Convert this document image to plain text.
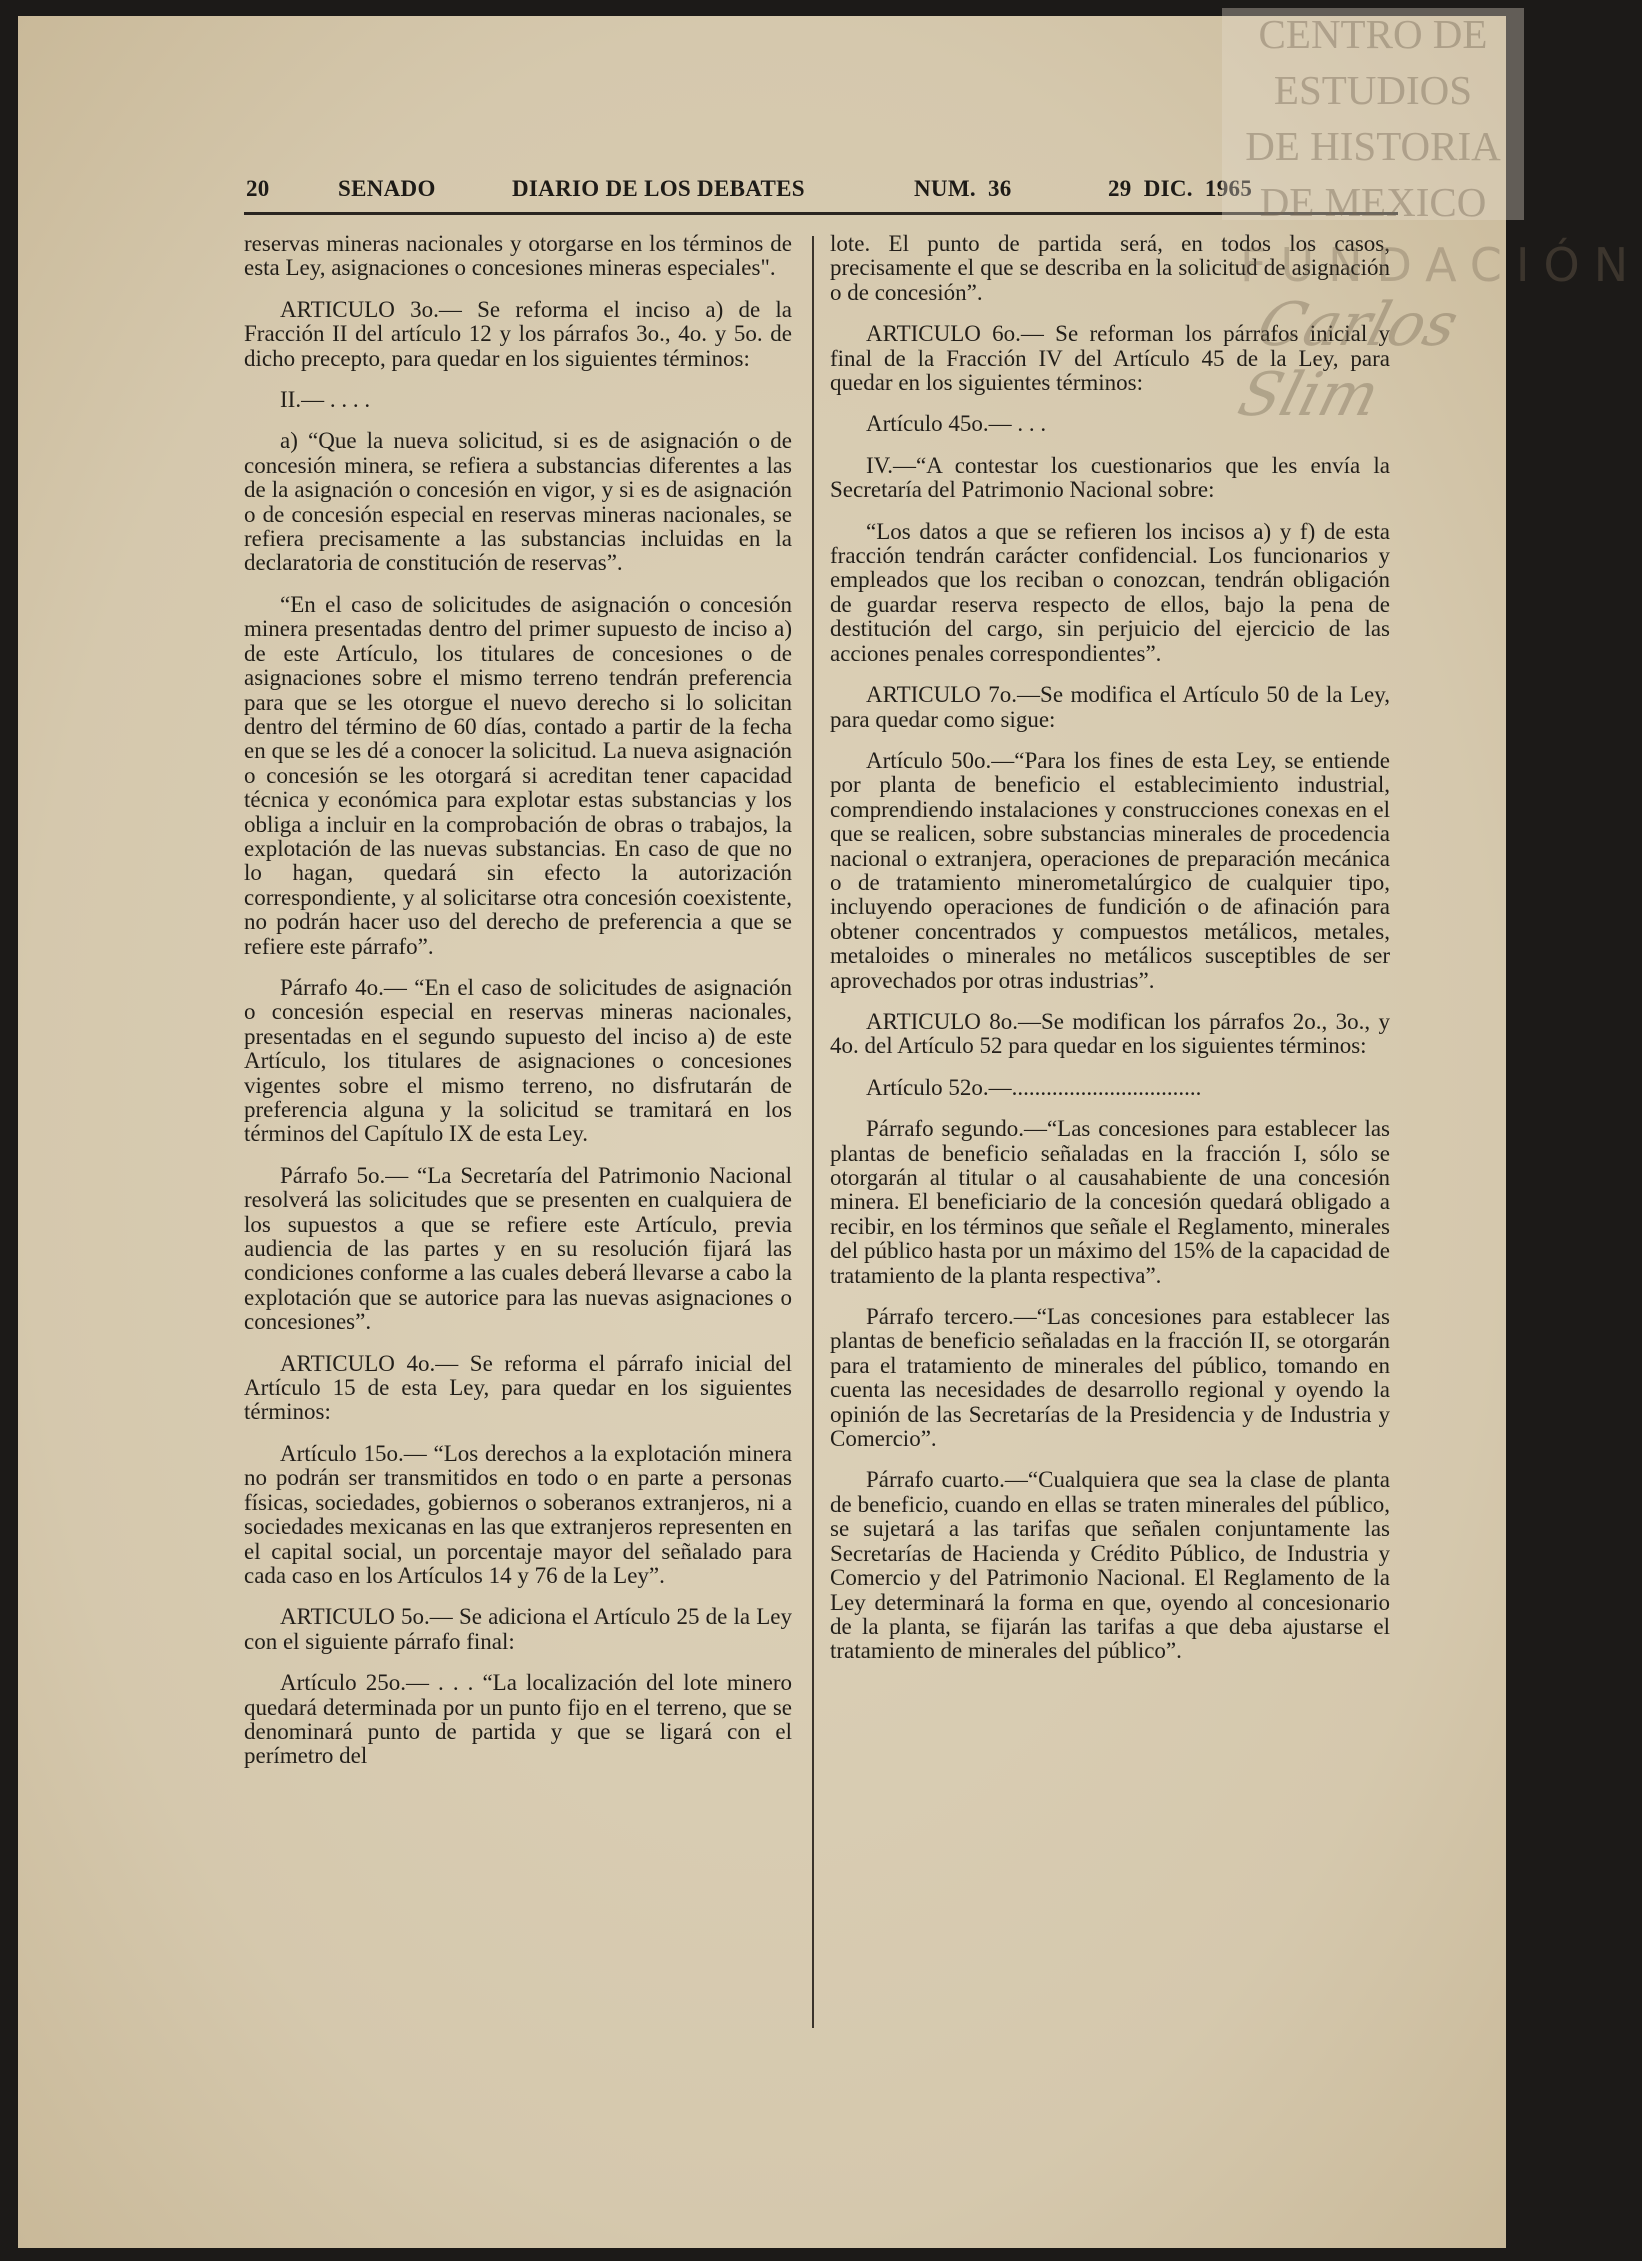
20	SENADO	DIARIO DE LOS DEBATES	NUM.  36	29  DIC.  1965

reservas mineras nacionales y otorgarse en los términos de esta Ley, asignaciones o concesiones mineras especiales".

ARTICULO 3o.— Se reforma el inciso a) de la Fracción II del artículo 12 y los párrafos 3o., 4o. y 5o. de dicho precepto, para quedar en los siguientes términos:

II.— . . . .

a) “Que la nueva solicitud, si es de asignación o de concesión minera, se refiera a substancias diferentes a las de la asignación o concesión en vigor, y si es de asignación o de concesión especial en reservas mineras nacionales, se refiera precisamente a las substancias incluidas en la declaratoria de constitución de reservas”.

“En el caso de solicitudes de asignación o concesión minera presentadas dentro del primer supuesto de inciso a) de este Artículo, los titulares de concesiones o de asignaciones sobre el mismo terreno tendrán preferencia para que se les otorgue el nuevo derecho si lo solicitan dentro del término de 60 días, contado a partir de la fecha en que se les dé a conocer la solicitud. La nueva asignación o concesión se les otorgará si acreditan tener capacidad técnica y económica para explotar estas substancias y los obliga a incluir en la comprobación de obras o trabajos, la explotación de las nuevas substancias. En caso de que no lo hagan, quedará sin efecto la autorización correspondiente, y al solicitarse otra concesión coexistente, no podrán hacer uso del derecho de preferencia a que se refiere este párrafo”.

Párrafo 4o.— “En el caso de solicitudes de asignación o concesión especial en reservas mineras nacionales, presentadas en el segundo supuesto del inciso a) de este Artículo, los titulares de asignaciones o concesiones vigentes sobre el mismo terreno, no disfrutarán de preferencia alguna y la solicitud se tramitará en los términos del Capítulo IX de esta Ley.

Párrafo 5o.— “La Secretaría del Patrimonio Nacional resolverá las solicitudes que se presenten en cualquiera de los supuestos a que se refiere este Artículo, previa audiencia de las partes y en su resolución fijará las condiciones conforme a las cuales deberá llevarse a cabo la explotación que se autorice para las nuevas asignaciones o concesiones”.

ARTICULO 4o.— Se reforma el párrafo inicial del Artículo 15 de esta Ley, para quedar en los siguientes términos:

Artículo 15o.— “Los derechos a la explotación minera no podrán ser transmitidos en todo o en parte a personas físicas, sociedades, gobiernos o soberanos extranjeros, ni a sociedades mexicanas en las que extranjeros representen en el capital social, un porcentaje mayor del señalado para cada caso en los Artículos 14 y 76 de la Ley”.

ARTICULO 5o.— Se adiciona el Artículo 25 de la Ley con el siguiente párrafo final:

Artículo 25o.— . . . “La localización del lote minero quedará determinada por un punto fijo en el terreno, que se denominará punto de partida y que se ligará con el perímetro del

lote. El punto de partida será, en todos los casos, precisamente el que se describa en la solicitud de asignación o de concesión”.

ARTICULO 6o.— Se reforman los párrafos inicial y final de la Fracción IV del Artículo 45 de la Ley, para quedar en los siguientes términos:

Artículo 45o.— . . .

IV.—“A contestar los cuestionarios que les envía la Secretaría del Patrimonio Nacional sobre:

“Los datos a que se refieren los incisos a) y f) de esta fracción tendrán carácter confidencial. Los funcionarios y empleados que los reciban o conozcan, tendrán obligación de guardar reserva respecto de ellos, bajo la pena de destitución del cargo, sin perjuicio del ejercicio de las acciones penales correspondientes”.

ARTICULO 7o.—Se modifica el Artículo 50 de la Ley, para quedar como sigue:

Artículo 50o.—“Para los fines de esta Ley, se entiende por planta de beneficio el establecimiento industrial, comprendiendo instalaciones y construcciones conexas en el que se realicen, sobre substancias minerales de procedencia nacional o extranjera, operaciones de preparación mecánica o de tratamiento minerometalúrgico de cualquier tipo, incluyendo operaciones de fundición o de afinación para obtener concentrados y compuestos metálicos, metales, metaloides o minerales no metálicos susceptibles de ser aprovechados por otras industrias”.

ARTICULO 8o.—Se modifican los párrafos 2o., 3o., y 4o. del Artículo 52 para quedar en los siguientes términos:

Artículo 52o.—.................................

Párrafo segundo.—“Las concesiones para establecer las plantas de beneficio señaladas en la fracción I, sólo se otorgarán al titular o al causahabiente de una concesión minera. El beneficiario de la concesión quedará obligado a recibir, en los términos que señale el Reglamento, minerales del público hasta por un máximo del 15% de la capacidad de tratamiento de la planta respectiva”.

Párrafo tercero.—“Las concesiones para establecer las plantas de beneficio señaladas en la fracción II, se otorgarán para el tratamiento de minerales del público, tomando en cuenta las necesidades de desarrollo regional y oyendo la opinión de las Secretarías de la Presidencia y de Industria y Comercio”.

Párrafo cuarto.—“Cualquiera que sea la clase de planta de beneficio, cuando en ellas se traten minerales del público, se sujetará a las tarifas que señalen conjuntamente las Secretarías de Hacienda y Crédito Público, de Industria y Comercio y del Patrimonio Nacional. El Reglamento de la Ley determinará la forma en que, oyendo al concesionario de la planta, se fijarán las tarifas a que deba ajustarse el tratamiento de minerales del público”.

CENTRO DE
ESTUDIOS
DE HISTORIA
DE MEXICO
FUNDACIÓN
Carlos Slim
